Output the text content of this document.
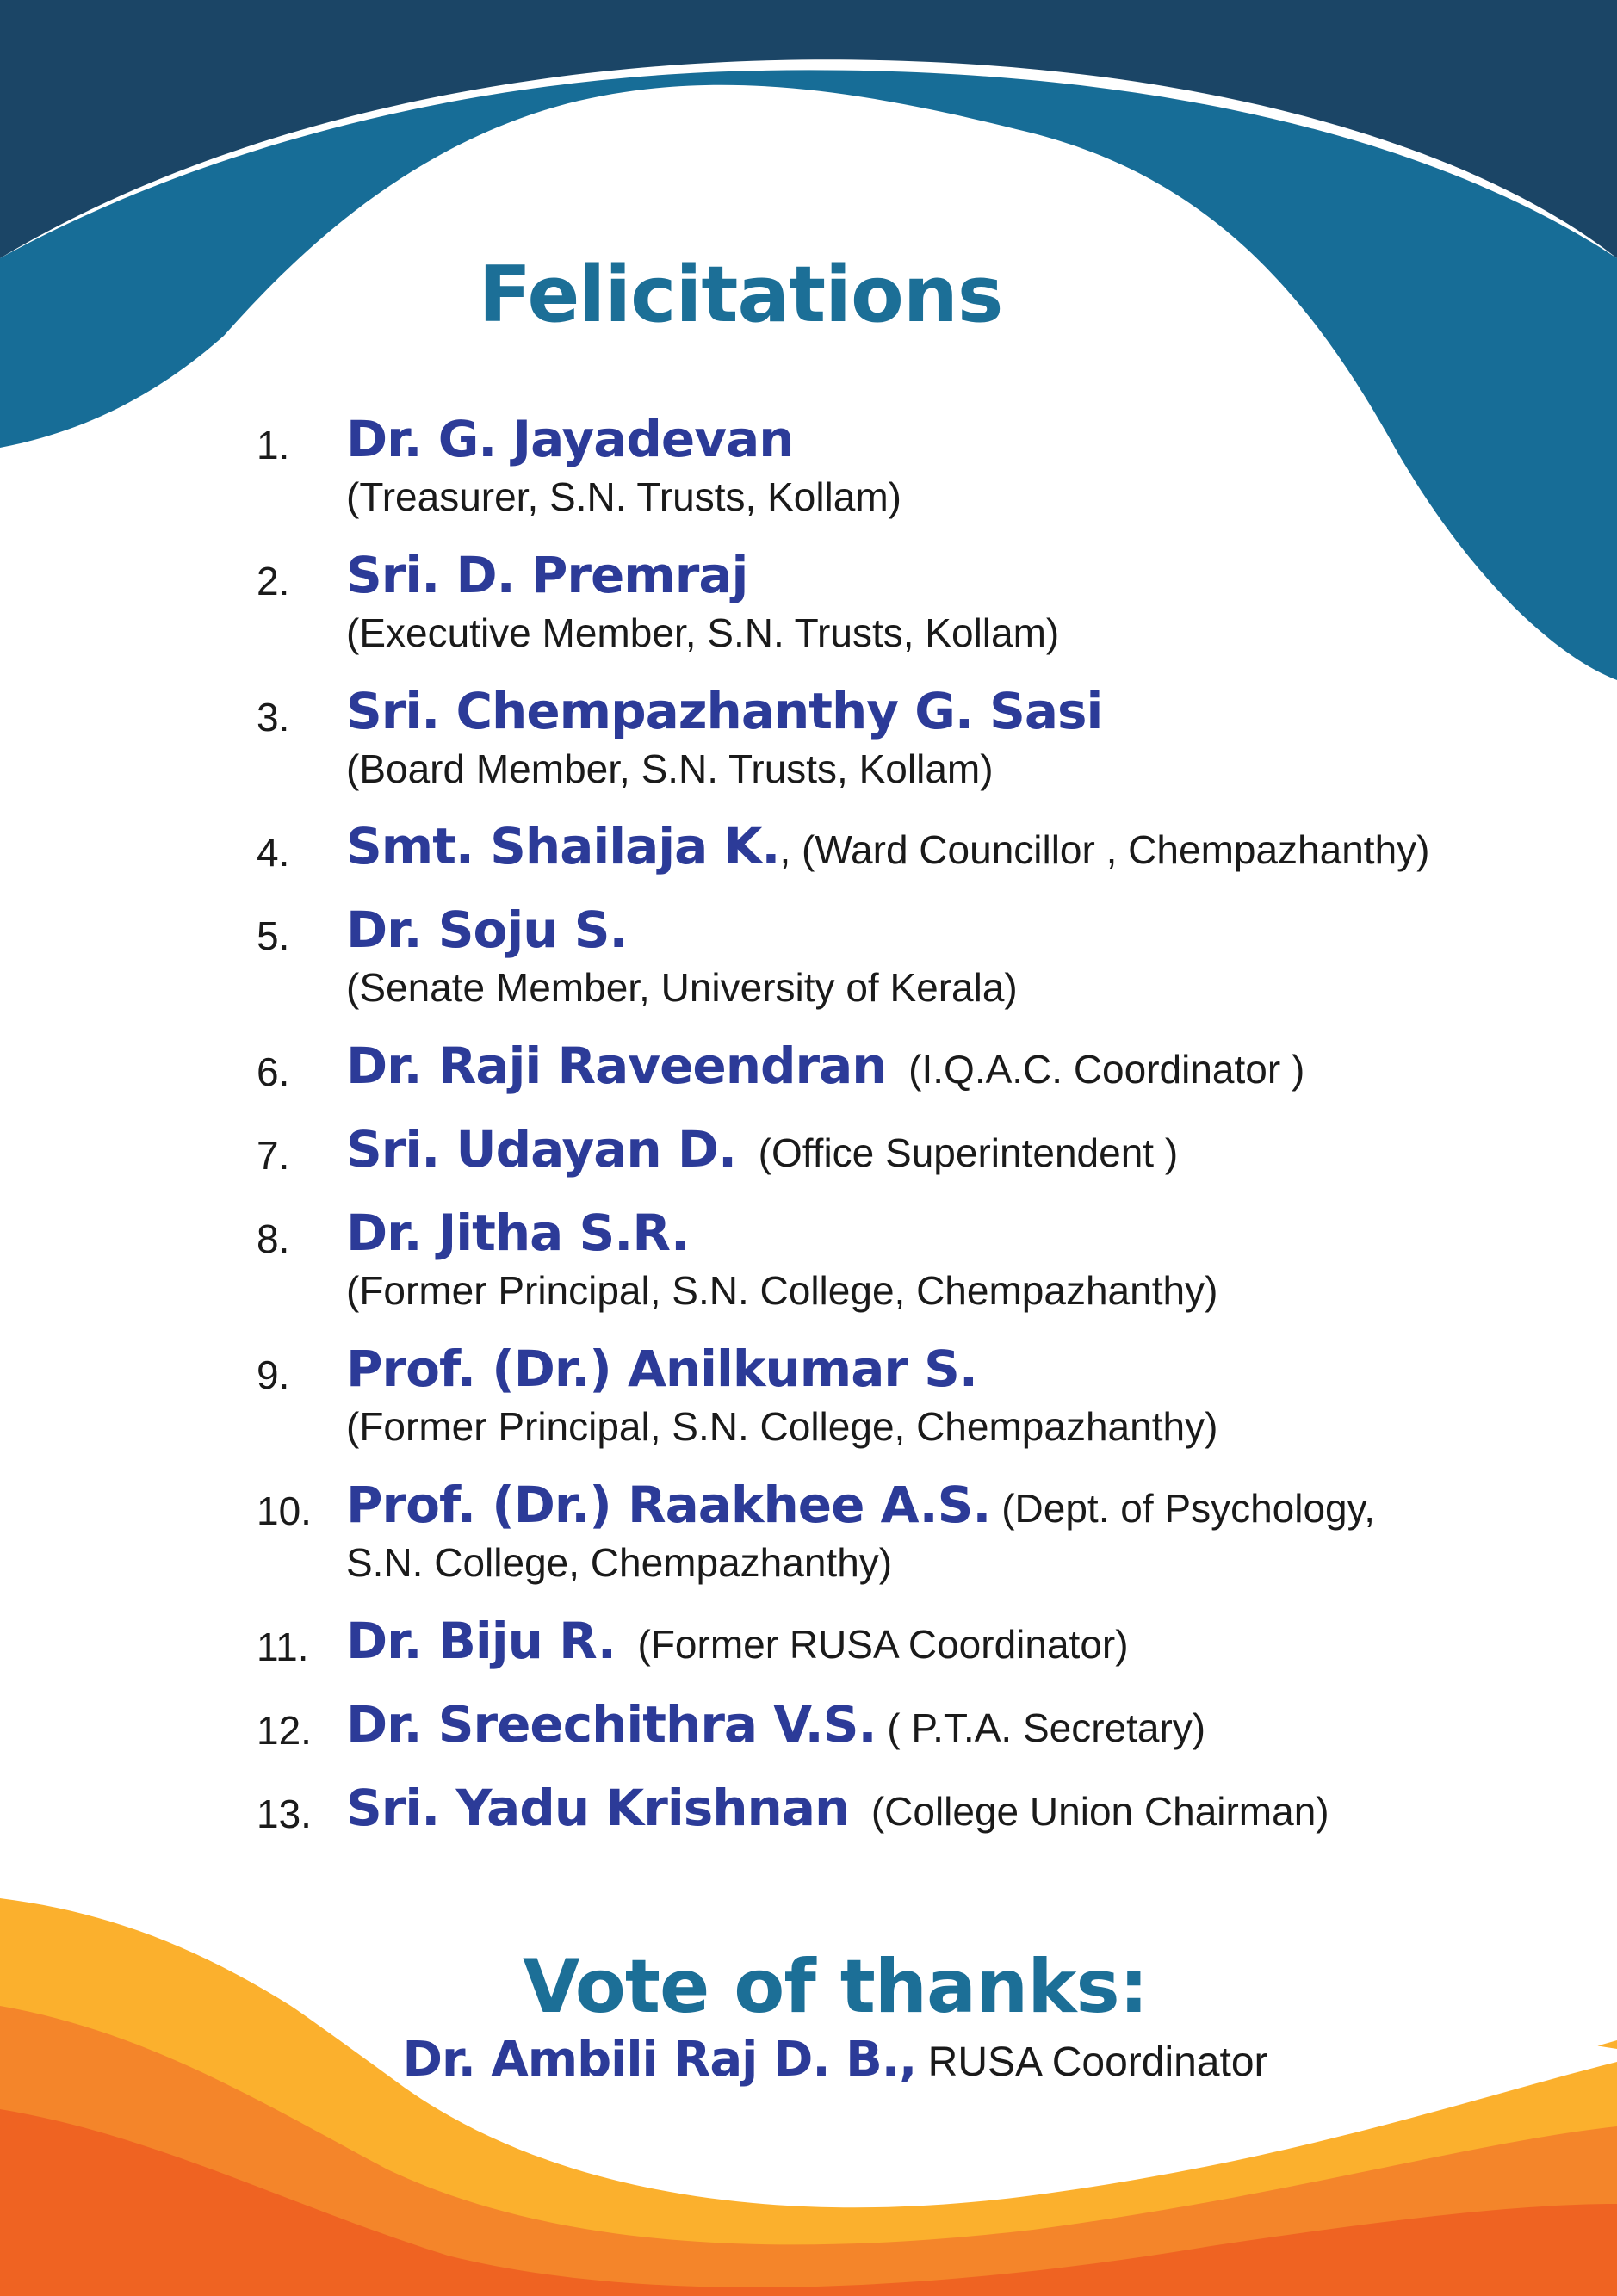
Felicitations
1. Dr. G. Jayadevan
(Treasurer, S.N. Trusts, Kollam)
2. Sri. D. Premraj
(Executive Member, S.N. Trusts, Kollam)
3. Sri. Chempazhanthy G. Sasi
(Board Member, S.N. Trusts, Kollam)
4. Smt. Shailaja K., (Ward Councillor , Chempazhanthy)
5. Dr. Soju S.
(Senate Member, University of Kerala)
6. Dr. Raji Raveendran (I.Q.A.C. Coordinator )
7. Sri. Udayan D. (Office Superintendent )
8. Dr. Jitha S.R.
(Former Principal, S.N. College, Chempazhanthy)
9. Prof. (Dr.) Anilkumar S.
(Former Principal, S.N. College, Chempazhanthy)
10. Prof. (Dr.) Raakhee A.S. (Dept. of Psychology,
S.N. College, Chempazhanthy)
11. Dr. Biju R. (Former RUSA Coordinator)
12. Dr. Sreechithra V.S. ( P.T.A. Secretary)
13. Sri. Yadu Krishnan (College Union Chairman)
Vote of thanks:
Dr. Ambili Raj D. B., RUSA Coordinator
